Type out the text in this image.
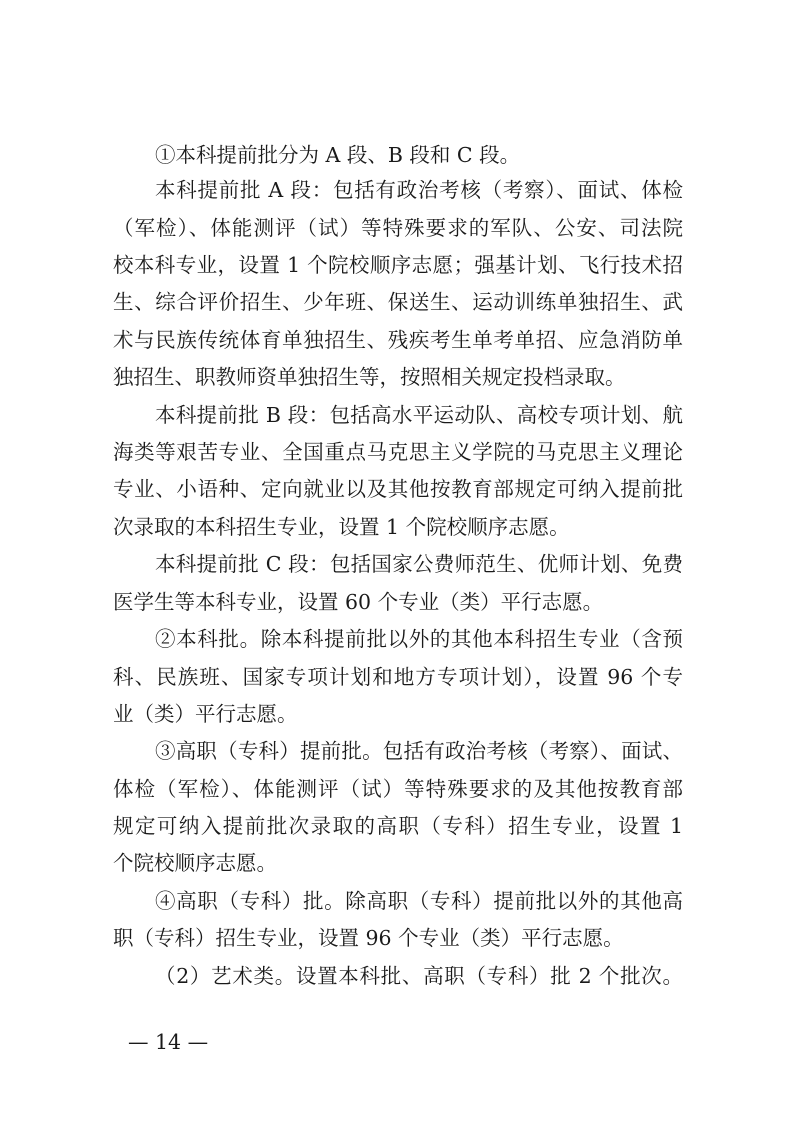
①本科提前批分为 A 段、B 段和 C 段。
本科提前批 A 段：包括有政治考核（考察）、面试、体检
（军检）、体能测评（试）等特殊要求的军队、公安、司法院
校本科专业，设置 1 个院校顺序志愿；强基计划、飞行技术招
生、综合评价招生、少年班、保送生、运动训练单独招生、武
术与民族传统体育单独招生、残疾考生单考单招、应急消防单
独招生、职教师资单独招生等，按照相关规定投档录取。
本科提前批 B 段：包括高水平运动队、高校专项计划、航
海类等艰苦专业、全国重点马克思主义学院的马克思主义理论
专业、小语种、定向就业以及其他按教育部规定可纳入提前批
次录取的本科招生专业，设置 1 个院校顺序志愿。
本科提前批 C 段：包括国家公费师范生、优师计划、免费
医学生等本科专业，设置 60 个专业（类）平行志愿。
②本科批。除本科提前批以外的其他本科招生专业（含预
科、民族班、国家专项计划和地方专项计划），设置 96 个专
业（类）平行志愿。
③高职（专科）提前批。包括有政治考核（考察）、面试、
体检（军检）、体能测评（试）等特殊要求的及其他按教育部
规定可纳入提前批次录取的高职（专科）招生专业，设置 1
个院校顺序志愿。
④高职（专科）批。除高职（专科）提前批以外的其他高
职（专科）招生专业，设置 96 个专业（类）平行志愿。
（2）艺术类。设置本科批、高职（专科）批 2 个批次。
— 14 —
